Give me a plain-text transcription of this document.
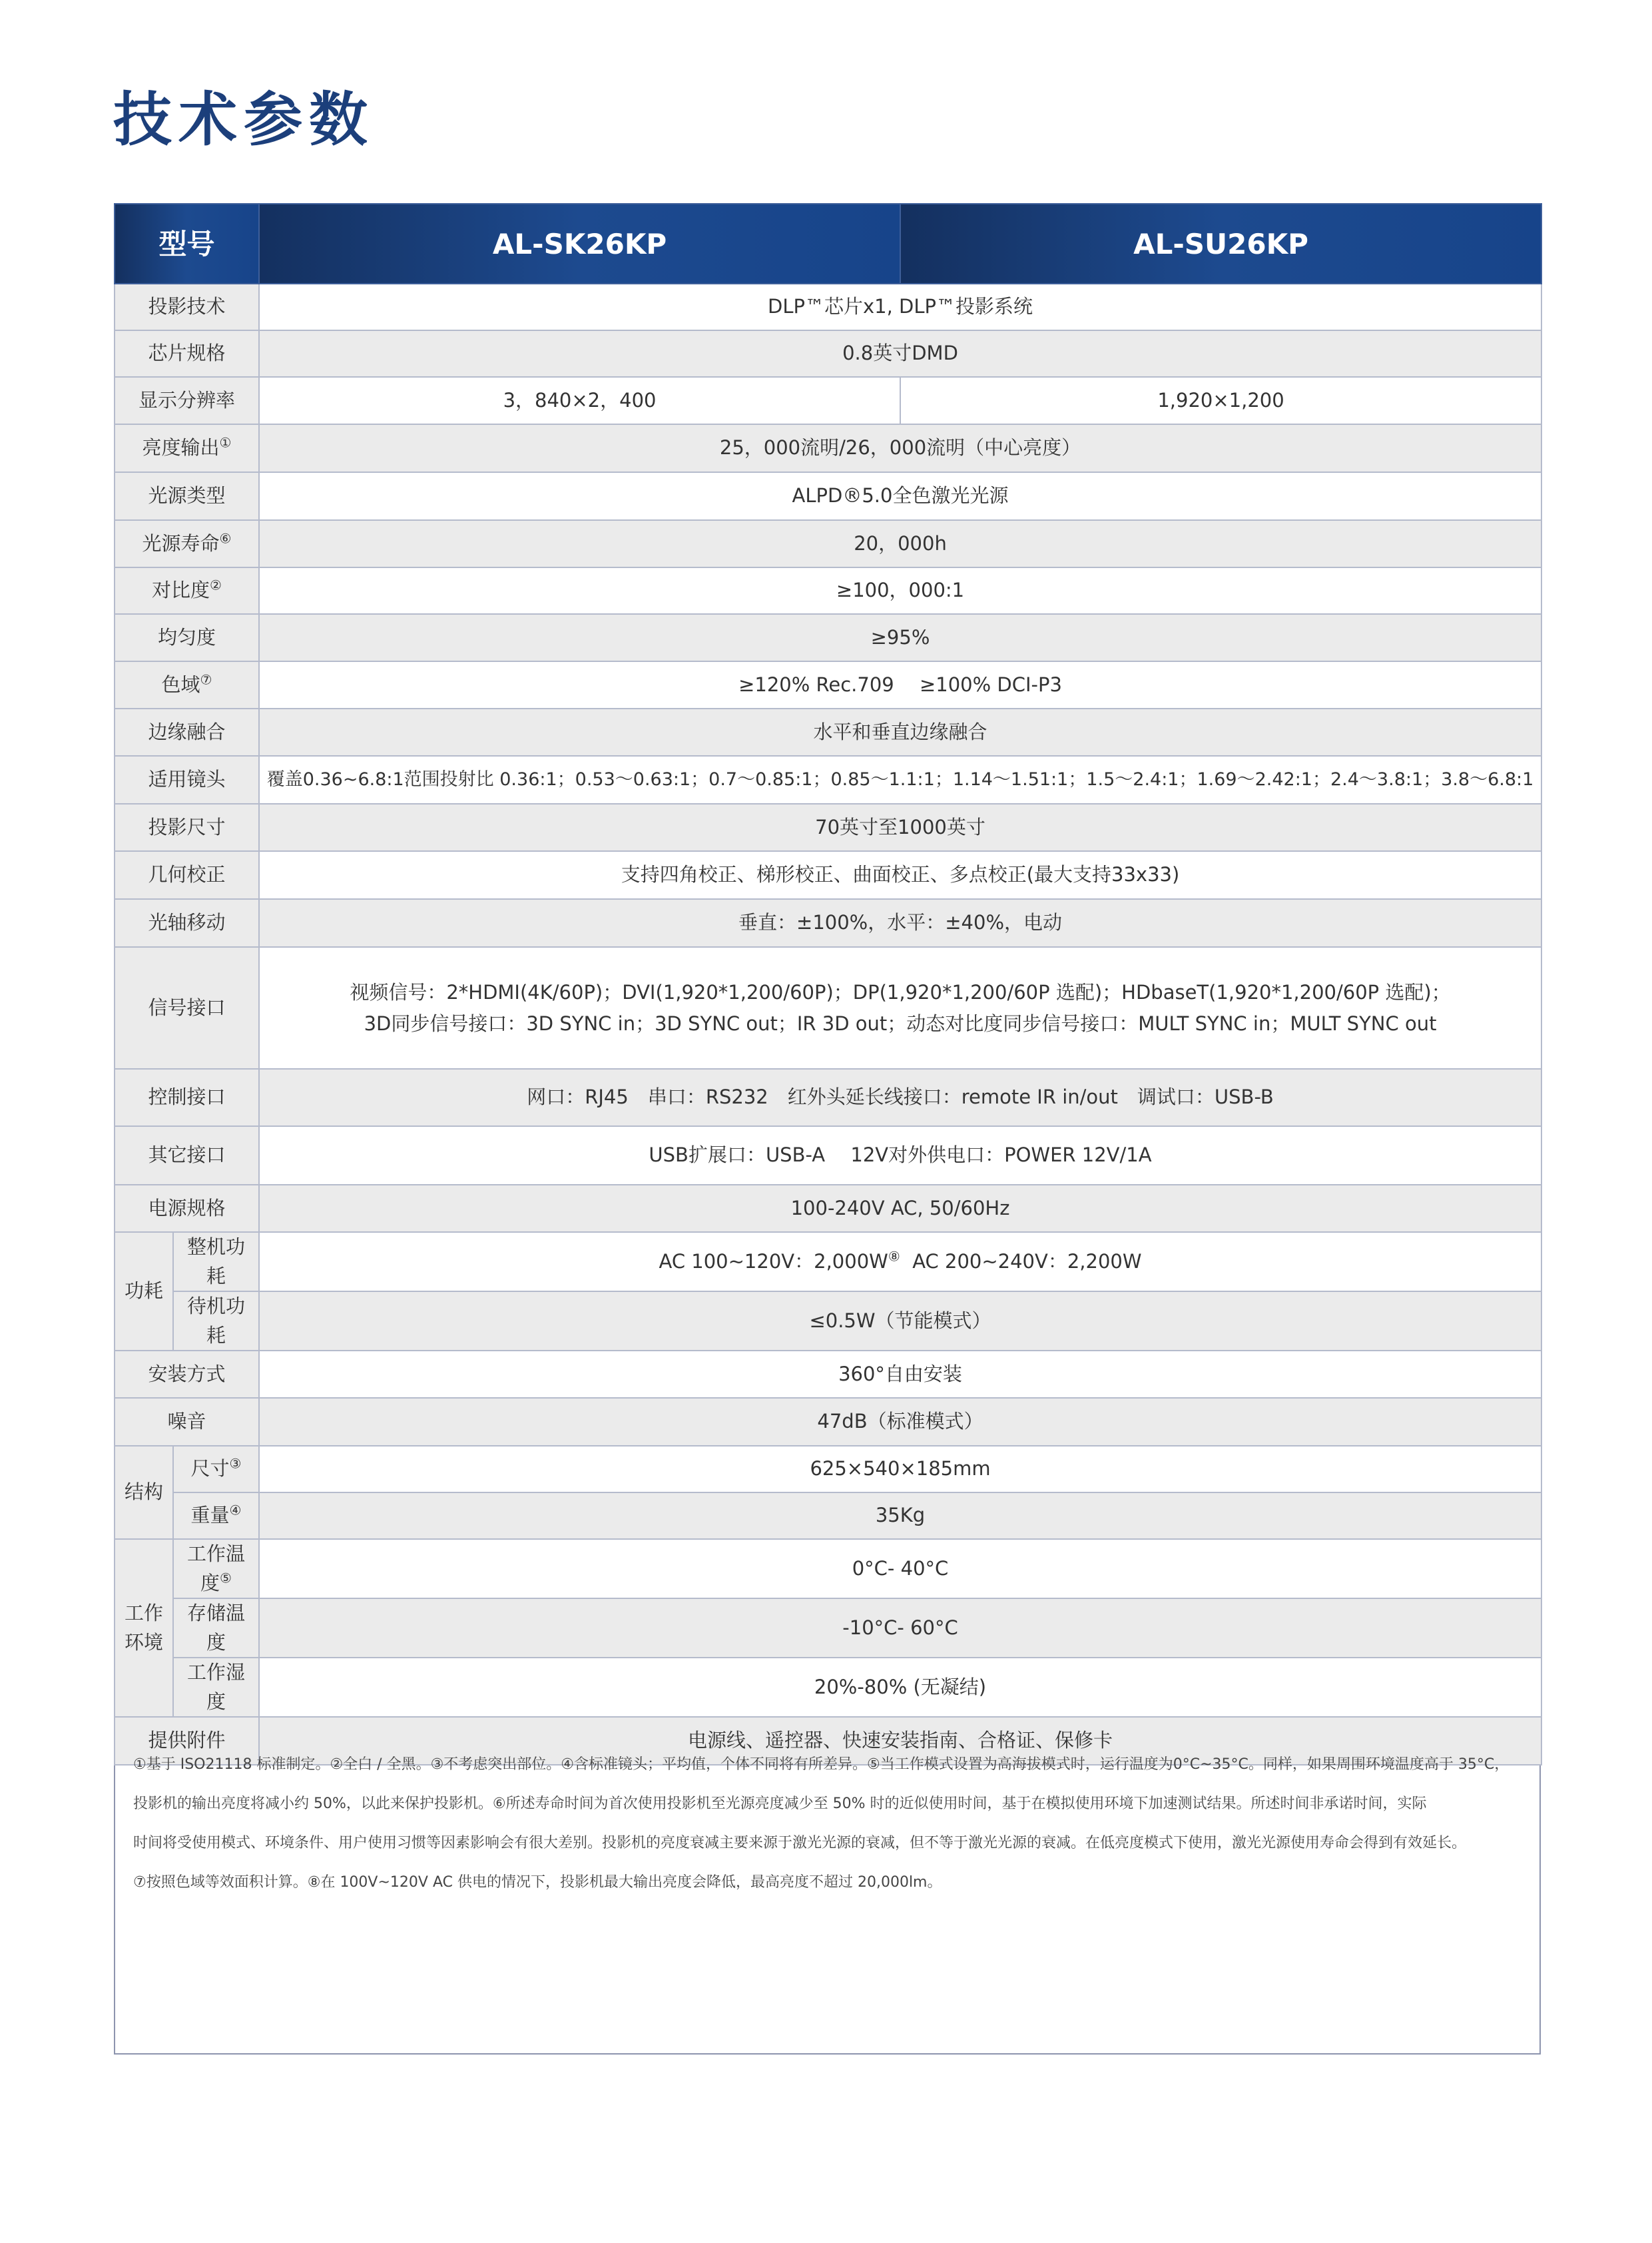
技术参数
型号		AL-SK26KP	AL-SU26KP
投影技术		DLP™芯片x1, DLP™投影系统	
芯片规格		0.8英寸DMD	
显示分辨率		3，840×2，400	1,920×1,200
亮度输出①		25，000流明/26，000流明（中心亮度）	
光源类型		ALPD®5.0全色激光光源	
光源寿命⑥		20，000h	
对比度②		≥100，000:1	
均匀度		≥95%	
色域⑦		≥120% Rec.709　 ≥100% DCI-P3	
边缘融合		水平和垂直边缘融合	
适用镜头		覆盖0.36~6.8:1范围投射比 0.36:1；0.53～0.63:1；0.7～0.85:1；0.85～1.1:1；1.14～1.51:1；1.5～2.4:1；1.69～2.42:1；2.4～3.8:1；3.8～6.8:1	
投影尺寸		70英寸至1000英寸	
几何校正		支持四角校正、梯形校正、曲面校正、多点校正(最大支持33x33)	
光轴移动		垂直：±100%，水平：±40%，电动	
信号接口		视频信号：2*HDMI(4K/60P)；DVI(1,920*1,200/60P)；DP(1,920*1,200/60P 选配)；HDbaseT(1,920*1,200/60P 选配)；
3D同步信号接口：3D SYNC in；3D SYNC out；IR 3D out；动态对比度同步信号接口：MULT SYNC in；MULT SYNC out	
控制接口		网口：RJ45　串口：RS232　红外头延长线接口：remote IR in/out　调试口：USB-B	
其它接口		USB扩展口：USB-A　 12V对外供电口：POWER 12V/1A	
电源规格		100-240V AC, 50/60Hz	
功耗	整机功耗	AC 100~120V：2,000W⑧ AC 200~240V：2,200W	
	待机功耗	≤0.5W（节能模式）	
安装方式		360°自由安装	
噪音		47dB（标准模式）	
结构	尺寸③	625×540×185mm	
	重量④	35Kg	
工作
环境	工作温度⑤	0°C- 40°C	
	存储温度	-10°C- 60°C	
	工作湿度	20%-80% (无凝结)	
提供附件		电源线、遥控器、快速安装指南、合格证、保修卡	

①基于 ISO21118 标准制定。②全白 / 全黑。③不考虑突出部位。④含标准镜头；平均值，个体不同将有所差异。⑤当工作模式设置为高海拔模式时，运行温度为0°C~35°C。同样，如果周围环境温度高于 35°C，

投影机的输出亮度将减小约 50%，以此来保护投影机。⑥所述寿命时间为首次使用投影机至光源亮度减少至 50% 时的近似使用时间，基于在模拟使用环境下加速测试结果。所述时间非承诺时间，实际

时间将受使用模式、环境条件、用户使用习惯等因素影响会有很大差别。投影机的亮度衰减主要来源于激光光源的衰减，但不等于激光光源的衰减。在低亮度模式下使用，激光光源使用寿命会得到有效延长。

⑦按照色域等效面积计算。⑧在 100V~120V AC 供电的情况下，投影机最大输出亮度会降低，最高亮度不超过 20,000lm。
